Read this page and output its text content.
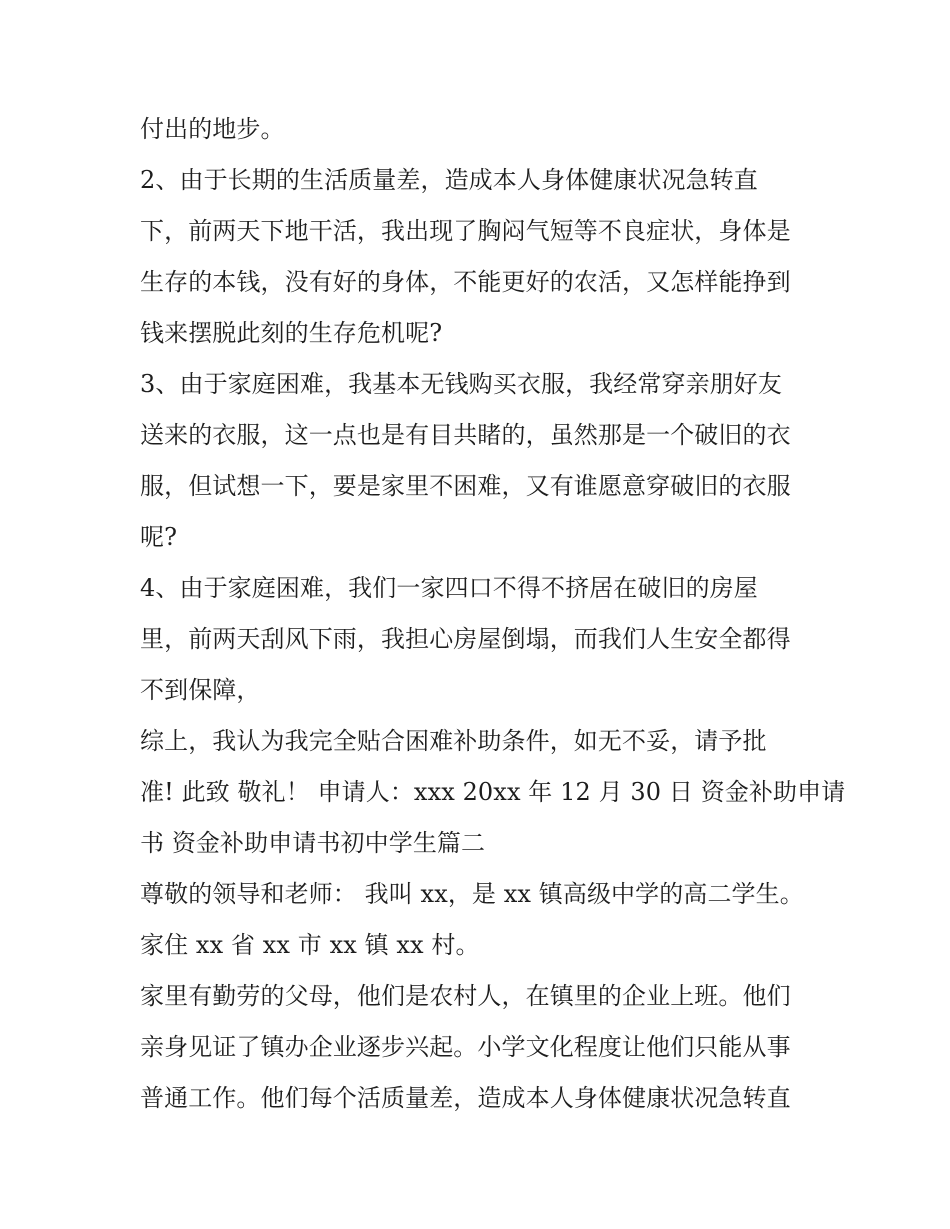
付出的地步。
2、由于长期的生活质量差，造成本人身体健康状况急转直
下，前两天下地干活，我出现了胸闷气短等不良症状，身体是
生存的本钱，没有好的身体，不能更好的农活，又怎样能挣到
钱来摆脱此刻的生存危机呢?
3、由于家庭困难，我基本无钱购买衣服，我经常穿亲朋好友
送来的衣服，这一点也是有目共睹的，虽然那是一个破旧的衣
服，但试想一下，要是家里不困难，又有谁愿意穿破旧的衣服
呢?
4、由于家庭困难，我们一家四口不得不挤居在破旧的房屋
里，前两天刮风下雨，我担心房屋倒塌，而我们人生安全都得
不到保障，
综上，我认为我完全贴合困难补助条件，如无不妥，请予批
准! 此致 敬礼！ 申请人：xxx 20xx 年 12 月 30 日 资金补助申请
书 资金补助申请书初中学生篇二
尊敬的领导和老师： 我叫 xx，是 xx 镇高级中学的高二学生。
家住 xx 省 xx 市 xx 镇 xx 村。
家里有勤劳的父母，他们是农村人，在镇里的企业上班。他们
亲身见证了镇办企业逐步兴起。小学文化程度让他们只能从事
普通工作。他们每个活质量差，造成本人身体健康状况急转直
